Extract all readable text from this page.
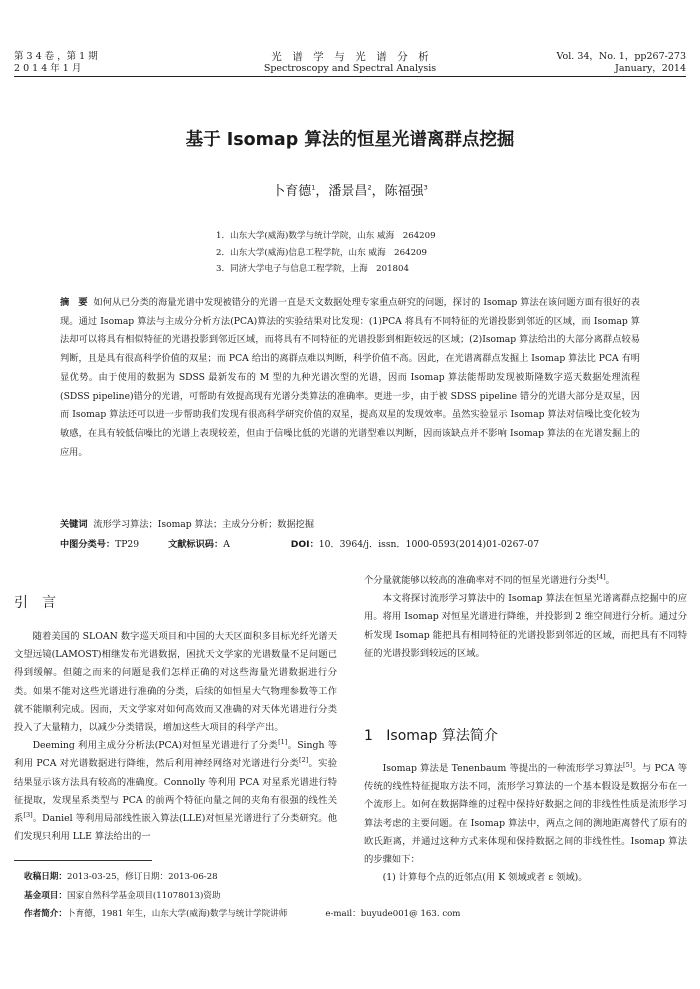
第 3 4 卷 ，第 1 期
2 0 1 4 年 1 月
光　谱　学　与　光　谱　分　析
Spectroscopy and Spectral Analysis
Vol. 34，No. 1，pp267-273
January，2014
基于 Isomap 算法的恒星光谱离群点挖掘
卜育德$^1$，潘景昌$^2$，陈福强$^3$
1．山东大学(威海)数学与统计学院，山东 威海　264209
2．山东大学(威海)信息工程学院，山东 威海　264209
3．同济大学电子与信息工程学院，上海　201804
摘　要 如何从已分类的海量光谱中发现被错分的光谱一直是天文数据处理专家重点研究的问题，探讨的 Isomap 算法在该问题方面有很好的表现。通过 Isomap 算法与主成分分析方法(PCA)算法的实验结果对比发现：(1)PCA 将具有不同特征的光谱投影到邻近的区域，而 Isomap 算法却可以将具有相似特征的光谱投影到邻近区域，而将具有不同特征的光谱投影到相距较远的区域；(2)Isomap 算法给出的大部分离群点较易判断，且是具有很高科学价值的双星；而 PCA 给出的离群点难以判断，科学价值不高。因此，在光谱离群点发掘上 Isomap 算法比 PCA 有明显优势。由于使用的数据为 SDSS 最新发布的 M 型的九种光谱次型的光谱，因而 Isomap 算法能帮助发现被斯隆数字巡天数据处理流程(SDSS pipeline)错分的光谱，可帮助有效提高现有光谱分类算法的准确率。更进一步，由于被 SDSS pipeline 错分的光谱大部分是双星，因而 Isomap 算法还可以进一步帮助我们发现有很高科学研究价值的双星，提高双星的发现效率。虽然实验显示 Isomap 算法对信噪比变化较为敏感，在具有较低信噪比的光谱上表现较差，但由于信噪比低的光谱的光谱型难以判断，因而该缺点并不影响 Isomap 算法的在光谱发掘上的应用。
关键词 流形学习算法；Isomap 算法；主成分分析；数据挖掘
中图分类号：TP29	文献标识码：A	DOI：10．3964/j．issn．1000-0593(2014)01-0267-07
引　言

随着美国的 SLOAN 数字巡天项目和中国的大天区面积多目标光纤光谱天文望远镜(LAMOST)相继发布光谱数据，困扰天文学家的光谱数量不足问题已得到缓解。但随之而来的问题是我们怎样正确的对这些海量光谱数据进行分类。如果不能对这些光谱进行准确的分类，后续的如恒星大气物理参数等工作就不能顺利完成。因而，天文学家对如何高效而又准确的对天体光谱进行分类投入了大量精力，以减少分类错误，增加这些大项目的科学产出。

Deeming 利用主成分分析法(PCA)对恒星光谱进行了分类[1]。Singh 等利用 PCA 对光谱数据进行降维，然后利用神经网络对光谱进行分类[2]。实验结果显示该方法具有较高的准确度。Connolly 等利用 PCA 对星系光谱进行特征提取，发现星系类型与 PCA 的前两个特征向量之间的夹角有很强的线性关系[3]。Daniel 等利用局部线性嵌入算法(LLE)对恒星光谱进行了分类研究。他们发现只利用 LLE 算法给出的一

个分量就能够以较高的准确率对不同的恒星光谱进行分类[4]。

本文将探讨流形学习算法中的 Isomap 算法在恒星光谱离群点挖掘中的应用。将用 Isomap 对恒星光谱进行降维，并投影到 2 维空间进行分析。通过分析发现 Isomap 能把具有相同特征的光谱投影到邻近的区域，而把具有不同特征的光谱投影到较远的区域。

1 Isomap 算法简介

Isomap 算法是 Tenenbaum 等提出的一种流形学习算法[5]。与 PCA 等传统的线性特征提取方法不同，流形学习算法的一个基本假设是数据分布在一个流形上。如何在数据降维的过程中保持好数据之间的非线性性质是流形学习算法考虑的主要问题。在 Isomap 算法中，两点之间的测地距离替代了原有的欧氏距离，并通过这种方式来体现和保持数据之间的非线性性。Isomap 算法的步骤如下：

(1) 计算每个点的近邻点(用 K 领域或者 ε 领域)。

收稿日期：2013-03-25，修订日期：2013-06-28
基金项目：国家自然科学基金项目(11078013)资助
作者简介：卜育德，1981 年生，山东大学(威海)数学与统计学院讲师	e-mail：buyude001@ 163. com
